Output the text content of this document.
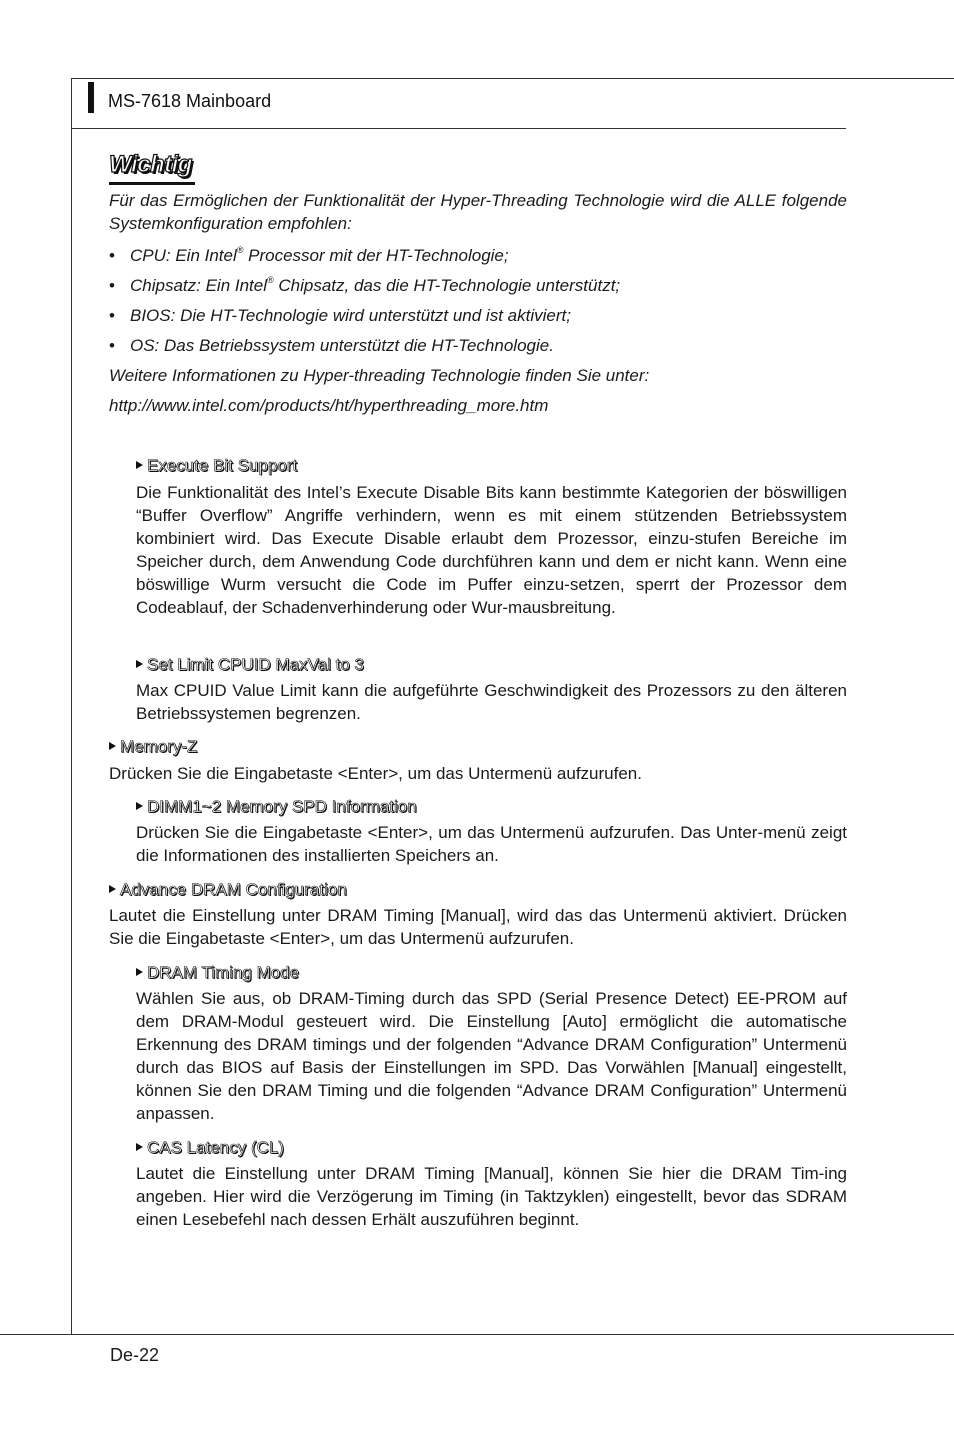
MS-7618 Mainboard
Wichtig

Für das Ermöglichen der Funktionalität der Hyper-Threading Technologie wird die ALLE folgende Systemkonfiguration empfohlen:

• CPU: Ein Intel® Processor mit der HT-Technologie;
• Chipsatz: Ein Intel® Chipsatz, das die HT-Technologie unterstützt;
• BIOS: Die HT-Technologie wird unterstützt und ist aktiviert;
• OS: Das Betriebssystem unterstützt die HT-Technologie.

Weitere Informationen zu Hyper-threading Technologie finden Sie unter:

http://www.intel.com/products/ht/hyperthreading_more.htm

Execute Bit Support

Die Funktionalität des Intel’s Execute Disable Bits kann bestimmte Kategorien der böswilligen “Buffer Overflow” Angriffe verhindern, wenn es mit einem stützenden Betriebssystem kombiniert wird. Das Execute Disable erlaubt dem Prozessor, einzu-stufen Bereiche im Speicher durch, dem Anwendung Code durchführen kann und dem er nicht kann. Wenn eine böswillige Wurm versucht die Code im Puffer einzu-setzen, sperrt der Prozessor dem Codeablauf, der Schadenverhinderung oder Wur-mausbreitung.

Set Limit CPUID MaxVal to 3

Max CPUID Value Limit kann die aufgeführte Geschwindigkeit des Prozessors zu den älteren Betriebssystemen begrenzen.

Memory-Z

Drücken Sie die Eingabetaste <Enter>, um das Untermenü aufzurufen.

DIMM1~2 Memory SPD Information

Drücken Sie die Eingabetaste <Enter>, um das Untermenü aufzurufen. Das Unter-menü zeigt die Informationen des installierten Speichers an.

Advance DRAM Configuration

Lautet die Einstellung unter DRAM Timing [Manual], wird das das Untermenü aktiviert. Drücken Sie die Eingabetaste <Enter>, um das Untermenü aufzurufen.

DRAM Timing Mode

Wählen Sie aus, ob DRAM-Timing durch das SPD (Serial Presence Detect) EE-PROM auf dem DRAM-Modul gesteuert wird. Die Einstellung [Auto] ermöglicht die automatische Erkennung des DRAM timings und der folgenden “Advance DRAM Configuration” Untermenü durch das BIOS auf Basis der Einstellungen im SPD. Das Vorwählen [Manual] eingestellt, können Sie den DRAM Timing und die folgenden “Advance DRAM Configuration” Untermenü anpassen.

CAS Latency (CL)

Lautet die Einstellung unter DRAM Timing [Manual], können Sie hier die DRAM Tim-ing angeben. Hier wird die Verzögerung im Timing (in Taktzyklen) eingestellt, bevor das SDRAM einen Lesebefehl nach dessen Erhält auszuführen beginnt.

De-22
